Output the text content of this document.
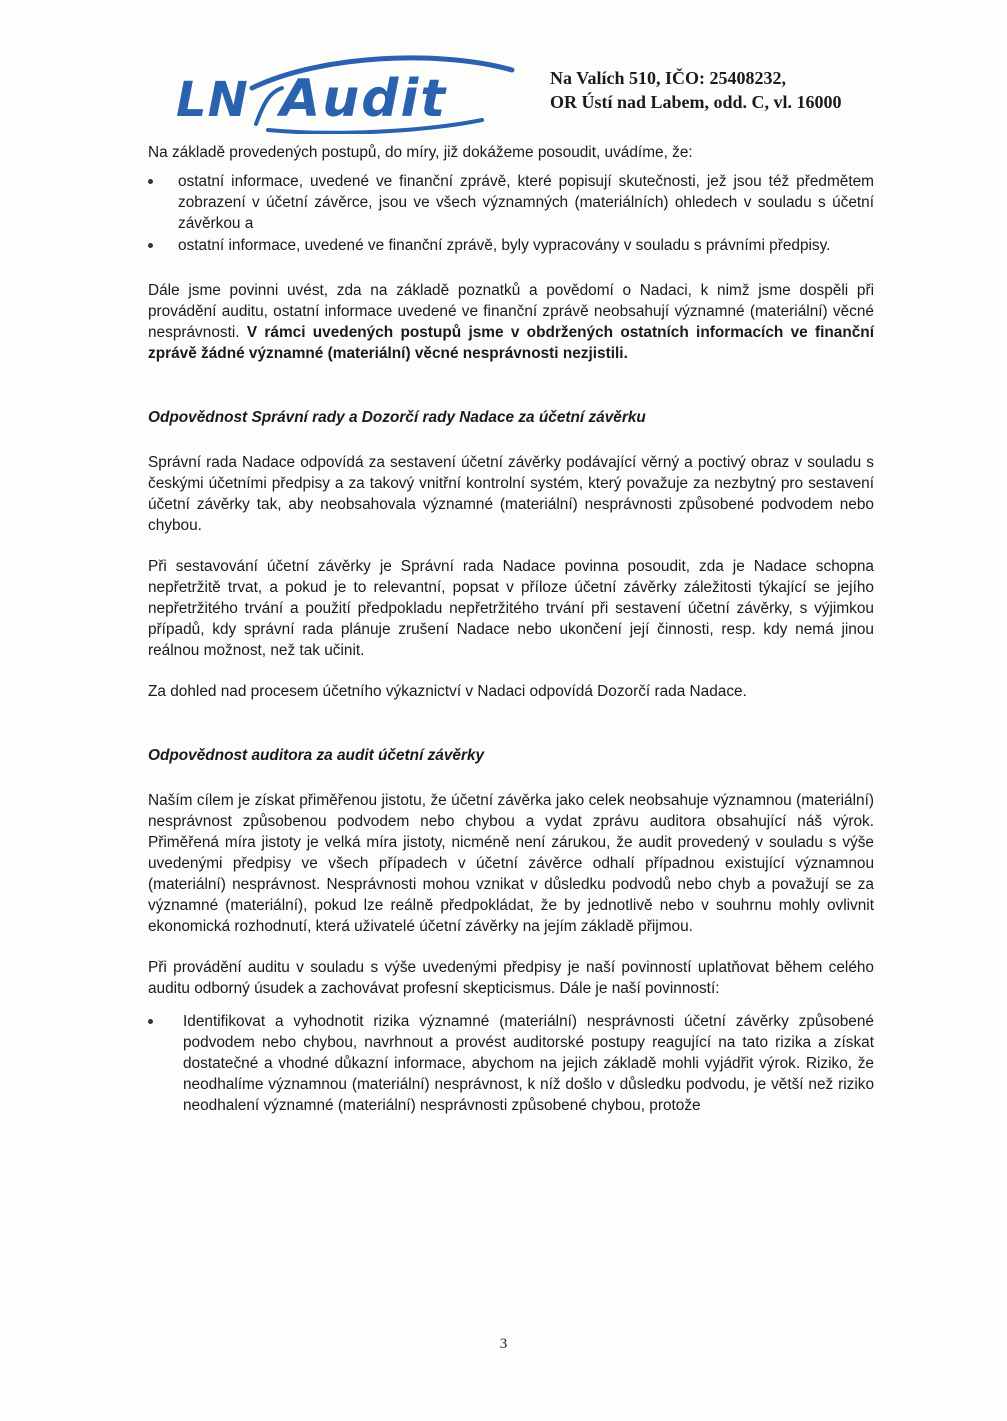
LN Audit	Na Valích 510, IČO: 25408232,
OR Ústí nad Labem, odd. C, vl. 16000

Na základě provedených postupů, do míry, již dokážeme posoudit, uvádíme, že:

ostatní informace, uvedené ve finanční zprávě, které popisují skutečnosti, jež jsou též předmětem zobrazení v účetní závěrce, jsou ve všech významných (materiálních) ohledech v souladu s účetní závěrkou a
ostatní informace, uvedené ve finanční zprávě, byly vypracovány v souladu s právními předpisy.

Dále jsme povinni uvést, zda na základě poznatků a povědomí o Nadaci, k nimž jsme dospěli při provádění auditu, ostatní informace uvedené ve finanční zprávě neobsahují významné (materiální) věcné nesprávnosti. V rámci uvedených postupů jsme v obdržených ostatních informacích ve finanční zprávě žádné významné (materiální) věcné nesprávnosti nezjistili.

Odpovědnost Správní rady a Dozorčí rady Nadace za účetní závěrku

Správní rada Nadace odpovídá za sestavení účetní závěrky podávající věrný a poctivý obraz v souladu s českými účetními předpisy a za takový vnitřní kontrolní systém, který považuje za nezbytný pro sestavení účetní závěrky tak, aby neobsahovala významné (materiální) nesprávnosti způsobené podvodem nebo chybou.

Při sestavování účetní závěrky je Správní rada Nadace povinna posoudit, zda je Nadace schopna nepřetržitě trvat, a pokud je to relevantní, popsat v příloze účetní závěrky záležitosti týkající se jejího nepřetržitého trvání a použití předpokladu nepřetržitého trvání při sestavení účetní závěrky, s výjimkou případů, kdy správní rada plánuje zrušení Nadace nebo ukončení její činnosti, resp. kdy nemá jinou reálnou možnost, než tak učinit.

Za dohled nad procesem účetního výkaznictví v Nadaci odpovídá Dozorčí rada Nadace.

Odpovědnost auditora za audit účetní závěrky

Naším cílem je získat přiměřenou jistotu, že účetní závěrka jako celek neobsahuje významnou (materiální) nesprávnost způsobenou podvodem nebo chybou a vydat zprávu auditora obsahující náš výrok. Přiměřená míra jistoty je velká míra jistoty, nicméně není zárukou, že audit provedený v souladu s výše uvedenými předpisy ve všech případech v účetní závěrce odhalí případnou existující významnou (materiální) nesprávnost. Nesprávnosti mohou vznikat v důsledku podvodů nebo chyb a považují se za významné (materiální), pokud lze reálně předpokládat, že by jednotlivě nebo v souhrnu mohly ovlivnit ekonomická rozhodnutí, která uživatelé účetní závěrky na jejím základě přijmou.

Při provádění auditu v souladu s výše uvedenými předpisy je naší povinností uplatňovat během celého auditu odborný úsudek a zachovávat profesní skepticismus. Dále je naší povinností:

Identifikovat a vyhodnotit rizika významné (materiální) nesprávnosti účetní závěrky způsobené podvodem nebo chybou, navrhnout a provést auditorské postupy reagující na tato rizika a získat dostatečné a vhodné důkazní informace, abychom na jejich základě mohli vyjádřit výrok. Riziko, že neodhalíme významnou (materiální) nesprávnost, k níž došlo v důsledku podvodu, je větší než riziko neodhalení významné (materiální) nesprávnosti způsobené chybou, protože
3
